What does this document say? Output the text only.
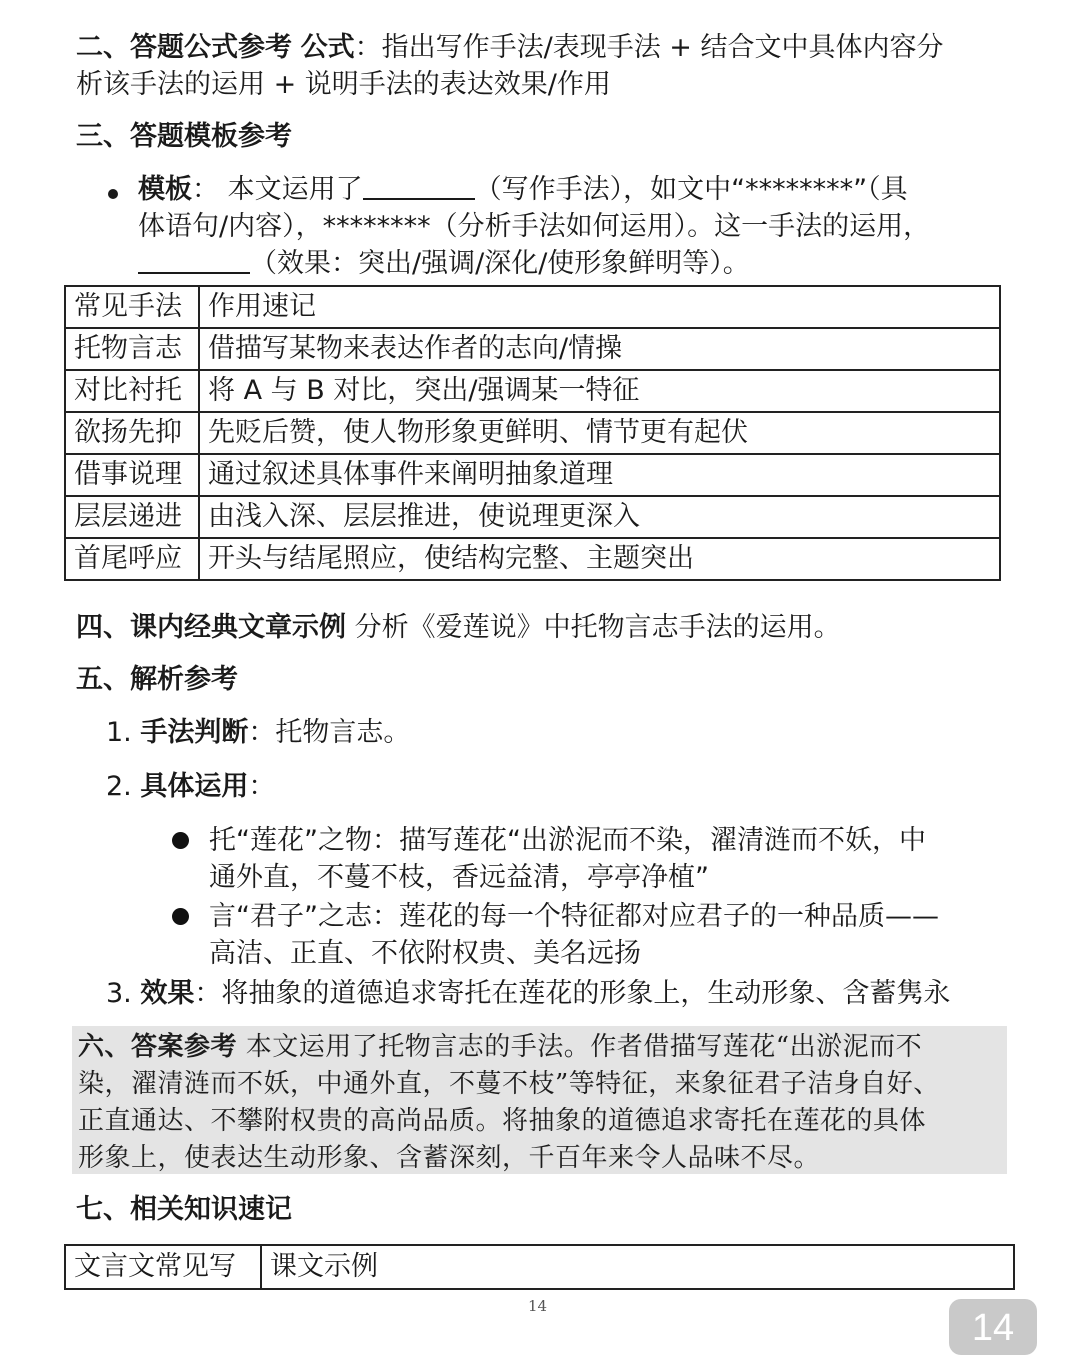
二、答题公式参考 公式：指出写作手法/表现手法 + 结合文中具体内容分
析该手法的运用 + 说明手法的表达效果/作用
三、答题模板参考
模板： 本文运用了	（写作手法），如文中“********”（具
体语句/内容），********（分析手法如何运用）。这一手法的运用，
（效果：突出/强调/深化/使形象鲜明等）。
常见手法	作用速记
托物言志	借描写某物来表达作者的志向/情操
对比衬托	将 A 与 B 对比，突出/强调某一特征
欲扬先抑	先贬后赞，使人物形象更鲜明、情节更有起伏
借事说理	通过叙述具体事件来阐明抽象道理
层层递进	由浅入深、层层推进，使说理更深入
首尾呼应	开头与结尾照应，使结构完整、主题突出
四、课内经典文章示例 分析《爱莲说》中托物言志手法的运用。
五、解析参考
1. 手法判断：托物言志。
2. 具体运用：
托“莲花”之物：描写莲花“出淤泥而不染，濯清涟而不妖，中
通外直，不蔓不枝，香远益清，亭亭净植”
言“君子”之志：莲花的每一个特征都对应君子的一种品质——
高洁、正直、不依附权贵、美名远扬
3. 效果：将抽象的道德追求寄托在莲花的形象上，生动形象、含蓄隽永
六、答案参考 本文运用了托物言志的手法。作者借描写莲花“出淤泥而不
染，濯清涟而不妖，中通外直，不蔓不枝”等特征，来象征君子洁身自好、
正直通达、不攀附权贵的高尚品质。将抽象的道德追求寄托在莲花的具体
形象上，使表达生动形象、含蓄深刻，千百年来令人品味不尽。
七、相关知识速记
文言文常见写	课文示例
14
14
